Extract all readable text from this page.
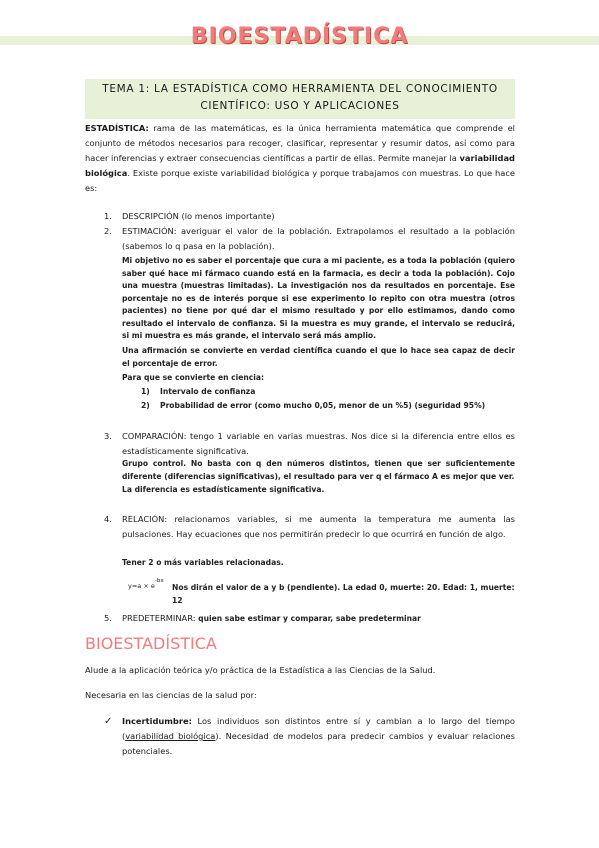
BIOESTADÍSTICA
TEMA 1: LA ESTADÍSTICA COMO HERRAMIENTA DEL CONOCIMIENTO
CIENTÍFICO: USO Y APLICACIONES
ESTADÍSTICA: rama de las matemáticas, es la única herramienta matemática que comprende el conjunto de métodos necesarios para recoger, clasificar, representar y resumir datos, así como para hacer inferencias y extraer consecuencias científicas a partir de ellas. Permite manejar la variabilidad biológica. Existe porque existe variabilidad biológica y porque trabajamos con muestras. Lo que hace es:
1. DESCRIPCIÓN (lo menos importante)
2. ESTIMACIÓN: averiguar el valor de la población. Extrapolamos el resultado a la población (sabemos lo q pasa en la población).
Mi objetivo no es saber el porcentaje que cura a mi paciente, es a toda la población (quiero saber qué hace mi fármaco cuando está en la farmacia, es decir a toda la población). Cojo una muestra (muestras limitadas). La investigación nos da resultados en porcentaje. Ese porcentaje no es de interés porque si ese experimento lo repito con otra muestra (otros pacientes) no tiene por qué dar el mismo resultado y por ello estimamos, dando como resultado el intervalo de confianza. Si la muestra es muy grande, el intervalo se reducirá, si mi muestra es más grande, el intervalo será más amplio.
Una afirmación se convierte en verdad científica cuando el que lo hace sea capaz de decir el porcentaje de error.
Para que se convierte en ciencia:
1) Intervalo de confianza
2) Probabilidad de error (como mucho 0,05, menor de un %5) (seguridad 95%)
3. COMPARACIÓN: tengo 1 variable en varias muestras. Nos dice si la diferencia entre ellos es estadísticamente significativa.
Grupo control. No basta con q den números distintos, tienen que ser suficientemente diferente (diferencias significativas), el resultado para ver q el fármaco A es mejor que ver.
La diferencia es estadísticamente significativa.
4. RELACIÓN: relacionamos variables, si me aumenta la temperatura me aumenta las pulsaciones. Hay ecuaciones que nos permitirán predecir lo que ocurrirá en función de algo.
Tener 2 o más variables relacionadas.
$y=a \times e^{-bx}$
Nos dirán el valor de a y b (pendiente). La edad 0, muerte: 20. Edad: 1, muerte: 12
5. PREDETERMINAR: quien sabe estimar y comparar, sabe predeterminar
BIOESTADÍSTICA
Alude a la aplicación teórica y/o práctica de la Estadística a las Ciencias de la Salud.
Necesaria en las ciencias de la salud por:
✓ Incertidumbre: Los individuos son distintos entre sí y cambian a lo largo del tiempo (variabilidad biológica). Necesidad de modelos para predecir cambios y evaluar relaciones potenciales.
